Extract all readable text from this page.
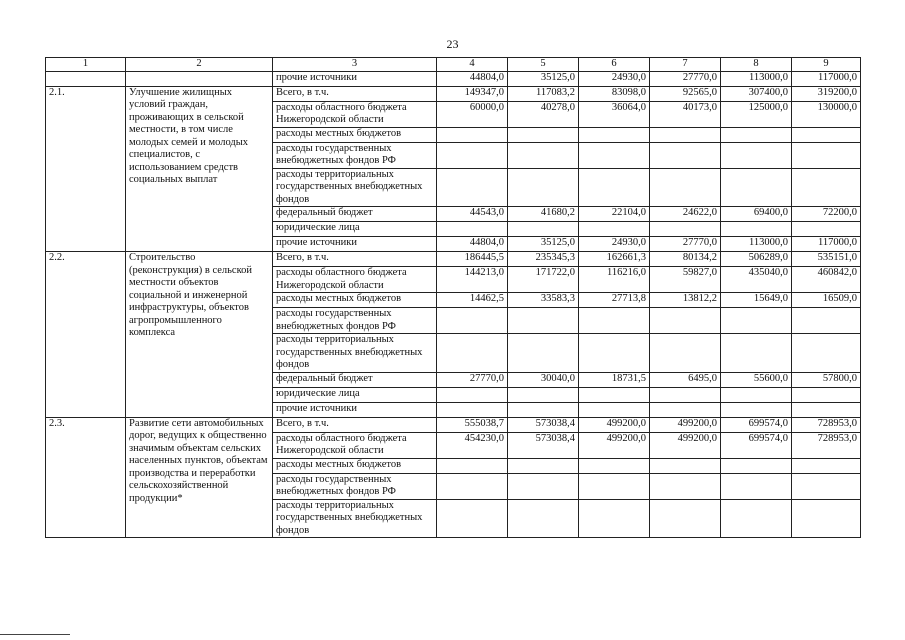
23
1	2	3	4	5	6	7	8	9
		прочие источники	44804,0	35125,0	24930,0	27770,0	113000,0	117000,0
2.1.	Улучшение жилищных условий граждан, проживающих в сельской местности, в том числе молодых семей и молодых специалистов, с использованием средств социальных выплат	Всего, в т.ч.	149347,0	117083,2	83098,0	92565,0	307400,0	319200,0
		расходы областного бюджета Нижегородской области	60000,0	40278,0	36064,0	40173,0	125000,0	130000,0
		расходы местных бюджетов						
		расходы государственных внебюджетных фондов РФ						
		расходы территориальных государственных внебюджетных фондов						
		федеральный бюджет	44543,0	41680,2	22104,0	24622,0	69400,0	72200,0
		юридические лица						
		прочие источники	44804,0	35125,0	24930,0	27770,0	113000,0	117000,0
2.2.	Строительство (реконструкция) в сельской местности объектов социальной и инженерной инфраструктуры, объектов агропромышленного комплекса	Всего, в т.ч.	186445,5	235345,3	162661,3	80134,2	506289,0	535151,0
		расходы областного бюджета Нижегородской области	144213,0	171722,0	116216,0	59827,0	435040,0	460842,0
		расходы местных бюджетов	14462,5	33583,3	27713,8	13812,2	15649,0	16509,0
		расходы государственных внебюджетных фондов РФ						
		расходы территориальных государственных внебюджетных фондов						
		федеральный бюджет	27770,0	30040,0	18731,5	6495,0	55600,0	57800,0
		юридические лица						
		прочие источники						
2.3.	Развитие сети автомобильных дорог, ведущих к общественно значимым объектам сельских населенных пунктов, объектам производства и переработки сельскохозяйственной продукции*	Всего, в т.ч.	555038,7	573038,4	499200,0	499200,0	699574,0	728953,0
		расходы областного бюджета Нижегородской области	454230,0	573038,4	499200,0	499200,0	699574,0	728953,0
		расходы местных бюджетов						
		расходы государственных внебюджетных фондов РФ						
		расходы территориальных государственных внебюджетных фондов						
